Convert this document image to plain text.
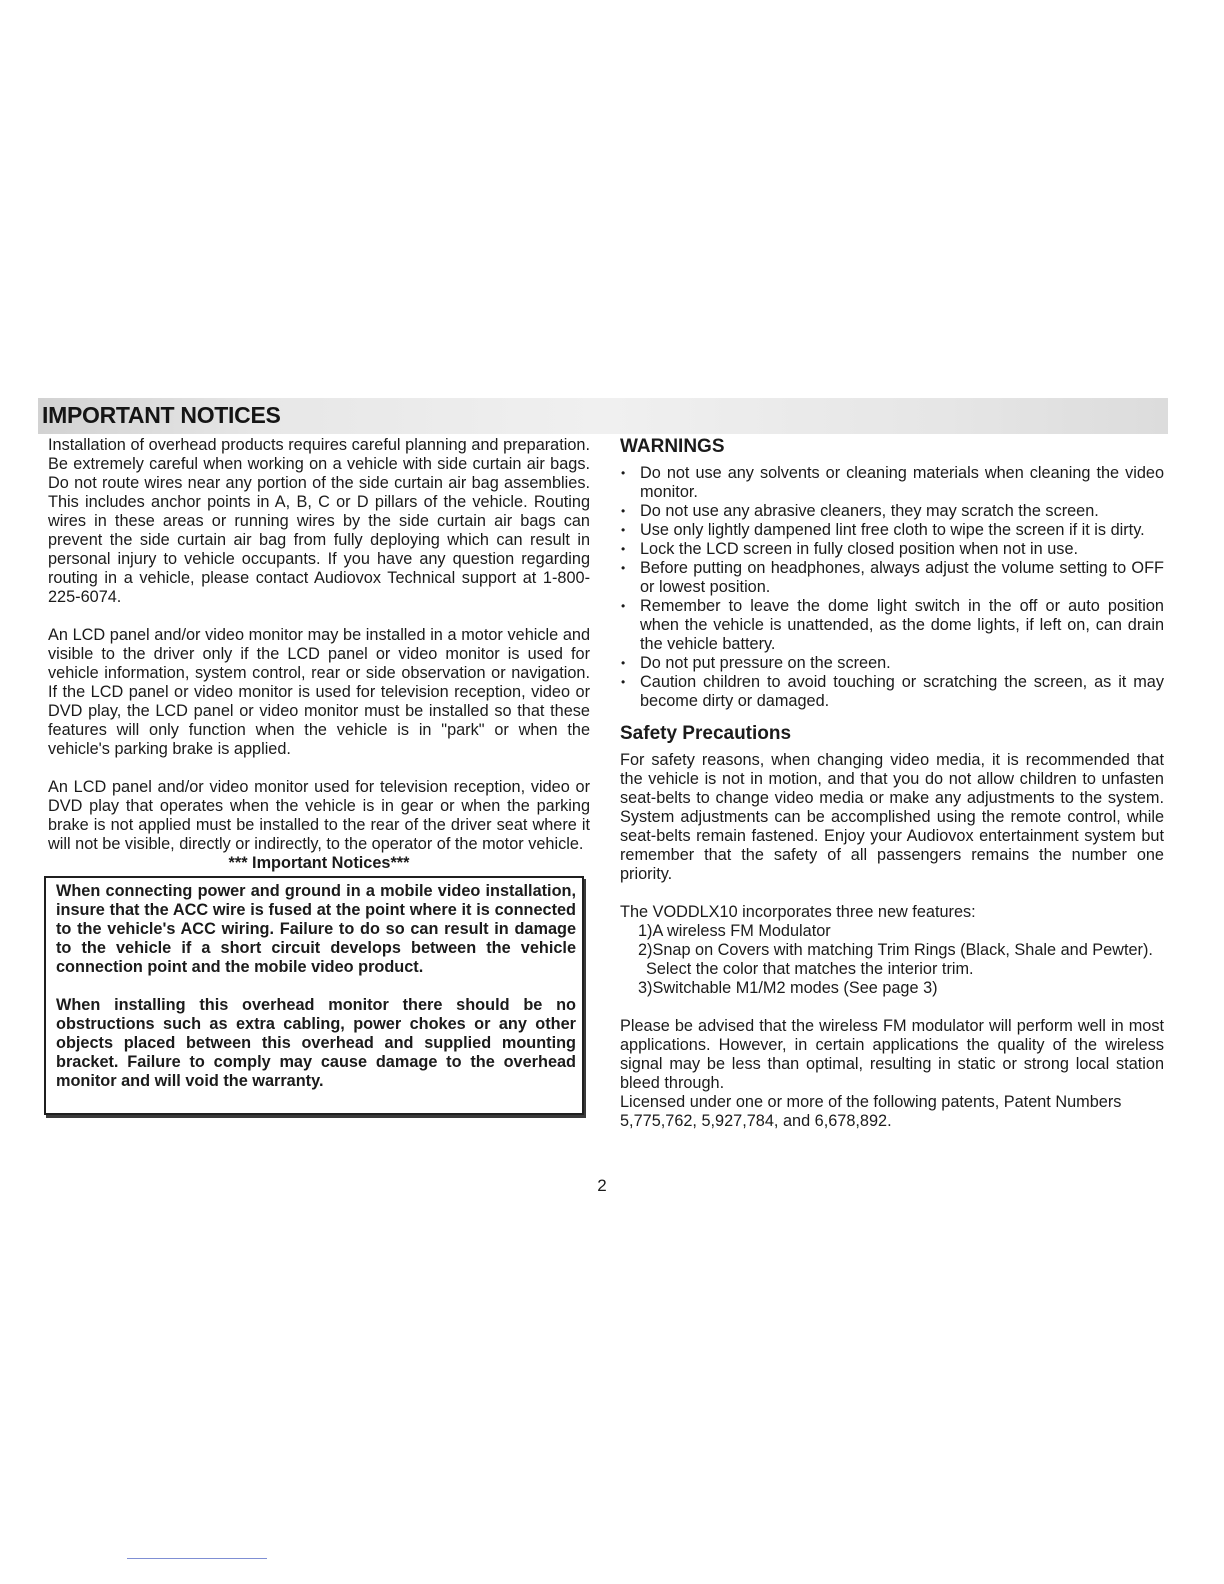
IMPORTANT NOTICES

Installation of overhead products requires careful planning and preparation. Be extremely careful when working on a vehicle with side curtain air bags. Do not route wires near any portion of the side curtain air bag assemblies. This includes anchor points in A, B, C or D pillars of the vehicle. Routing wires in these areas or running wires by the side curtain air bags can prevent the side curtain air bag from fully deploying which can result in personal injury to vehicle occupants. If you have any question regarding routing in a vehicle, please contact Audiovox Technical support at 1-800-225-6074.

An LCD panel and/or video monitor may be installed in a motor vehicle and visible to the driver only if the LCD panel or video monitor is used for vehicle information, system control, rear or side observation or navigation. If the LCD panel or video monitor is used for television reception, video or DVD play, the LCD panel or video monitor must be installed so that these features will only function when the vehicle is in "park" or when the vehicle's parking brake is applied.

An LCD panel and/or video monitor used for television reception, video or DVD play that operates when the vehicle is in gear or when the parking brake is not applied must be installed to the rear of the driver seat where it will not be visible, directly or indirectly, to the operator of the motor vehicle.

*** Important Notices***

When connecting power and ground in a mobile video installation, insure that the ACC wire is fused at the point where it is connected to the vehicle's ACC wiring. Failure to do so can result in damage to the vehicle if a short circuit develops between the vehicle connection point and the mobile video product.

When installing this overhead monitor there should be no obstructions such as extra cabling, power chokes or any other objects placed between this overhead and supplied mounting bracket. Failure to comply may cause damage to the overhead monitor and will void the warranty.

WARNINGS

• Do not use any solvents or cleaning materials when cleaning the video monitor.
• Do not use any abrasive cleaners, they may scratch the screen.
• Use only lightly dampened lint free cloth to wipe the screen if it is dirty.
• Lock the LCD screen in fully closed position when not in use.
• Before putting on headphones, always adjust the volume setting to OFF or lowest position.
• Remember to leave the dome light switch in the off or auto position when the vehicle is unattended, as the dome lights, if left on, can drain the vehicle battery.
• Do not put pressure on the screen.
• Caution children to avoid touching or scratching the screen, as it may become dirty or damaged.

Safety Precautions

For safety reasons, when changing video media, it is recommended that the vehicle is not in motion, and that you do not allow children to unfasten seat-belts to change video media or make any adjustments to the system. System adjustments can be accomplished using the remote control, while seat-belts remain fastened. Enjoy your Audiovox entertainment system but remember that the safety of all passengers remains the number one priority.

The VODDLX10 incorporates three new features:

1)A wireless FM Modulator
2)Snap on Covers with matching Trim Rings (Black, Shale and Pewter). Select the color that matches the interior trim.
3)Switchable M1/M2 modes (See page 3)

Please be advised that the wireless FM modulator will perform well in most applications. However, in certain applications the quality of the wireless signal may be less than optimal, resulting in static or strong local station bleed through.

Licensed under one or more of the following patents, Patent Numbers 5,775,762, 5,927,784, and 6,678,892.

2
